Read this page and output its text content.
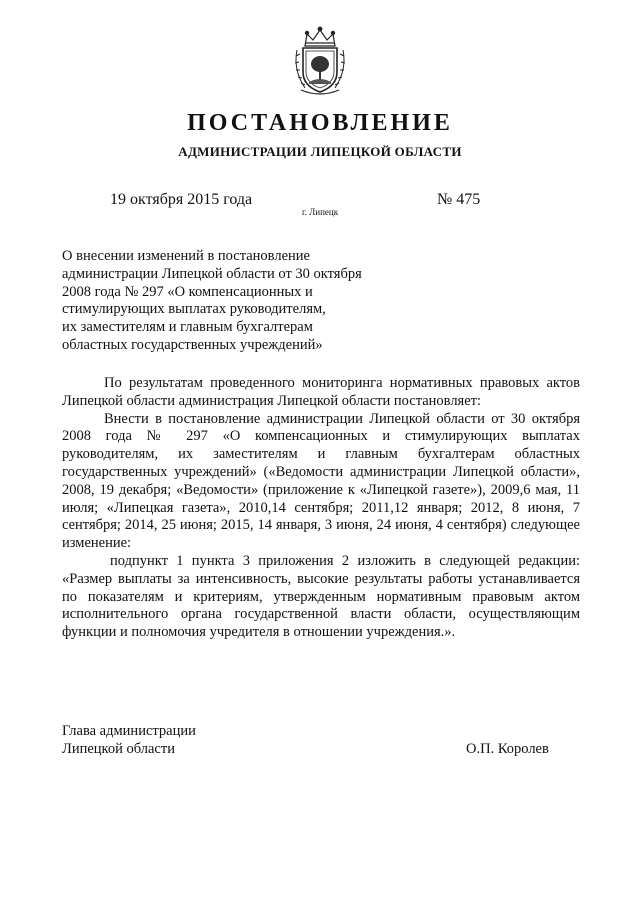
ПОСТАНОВЛЕНИЕ
АДМИНИСТРАЦИИ ЛИПЕЦКОЙ ОБЛАСТИ
19 октября 2015 года
г. Липецк
№ 475
О внесении изменений в постановление
администрации Липецкой области от 30 октября
2008 года № 297 «О компенсационных и
стимулирующих выплатах руководителям,
их заместителям и главным бухгалтерам
областных государственных учреждений»

По результатам проведенного мониторинга нормативных правовых актов Липецкой области администрация Липецкой области постановляет:

Внести в постановление администрации Липецкой области от 30 октября 2008 года № 297 «О компенсационных и стимулирующих выплатах руководителям, их заместителям и главным бухгалтерам областных государственных учреждений» («Ведомости администрации Липецкой области», 2008, 19 декабря; «Ведомости» (приложение к «Липецкой газете»), 2009,6 мая, 11 июля; «Липецкая газета», 2010,14 сентября; 2011,12 января; 2012, 8 июня, 7 сентября; 2014, 25 июня; 2015, 14 января, 3 июня, 24 июня, 4 сентября) следующее изменение:

подпункт 1 пункта 3 приложения 2 изложить в следующей редакции: «Размер выплаты за интенсивность, высокие результаты работы устанавливается по показателям и критериям, утвержденным нормативным правовым актом исполнительного органа государственной власти области, осуществляющим функции и полномочия учредителя в отношении учреждения.».

Глава администрации
Липецкой области	О.П. Королев
